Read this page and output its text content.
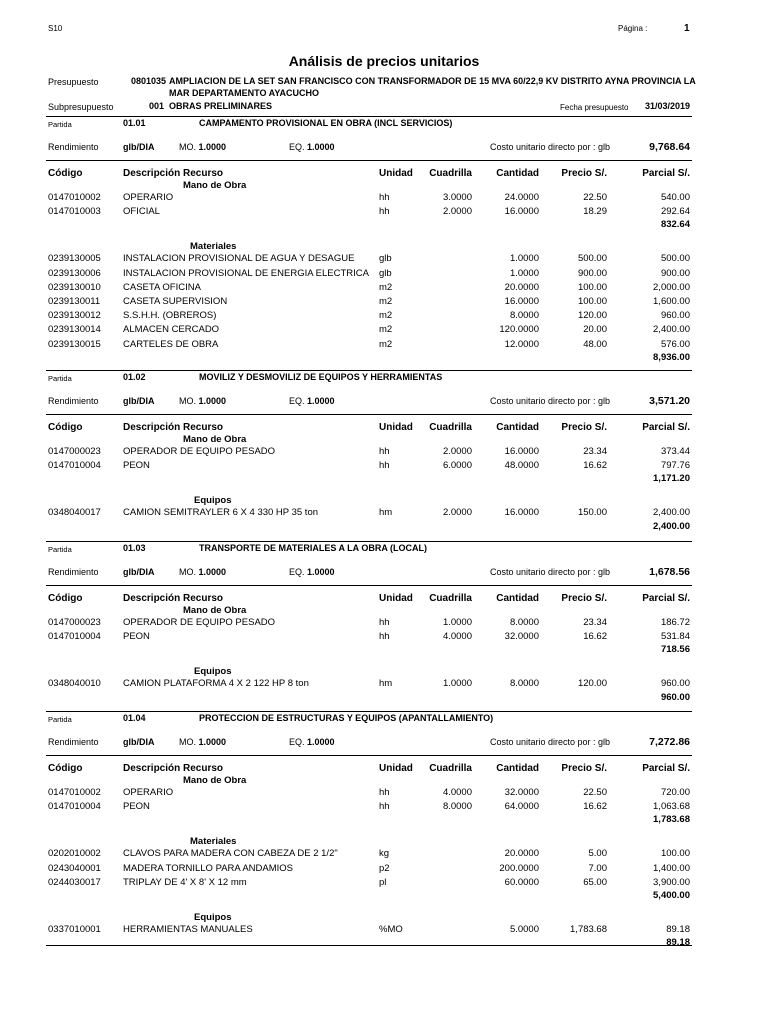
S10	Página :	1
Análisis de precios unitarios
Presupuesto	0801035 AMPLIACION DE LA SET SAN FRANCISCO CON TRANSFORMADOR DE 15 MVA 60/22,9 KV DISTRITO AYNA PROVINCIA LA
MAR DEPARTAMENTO AYACUCHO
Subpresupuesto	001 OBRAS PRELIMINARES	Fecha presupuesto 31/03/2019
Partida	01.01	CAMPAMENTO PROVISIONAL EN OBRA (INCL SERVICIOS)
Rendimiento	glb/DIA	MO. 1.0000	EQ. 1.0000	Costo unitario directo por : glb	9,768.64
Código	Descripción Recurso	Unidad Cuadrilla Cantidad Precio S/.	Parcial S/.
Mano de Obra
0147010002 OPERARIO	hh	3.0000	24.0000	22.50	540.00
0147010003 OFICIAL	hh	2.0000	16.0000	18.29	292.64
832.64
Materiales
0239130005 INSTALACION PROVISIONAL DE AGUA Y DESAGUE	glb	1.0000	500.00	500.00
0239130006 INSTALACION PROVISIONAL DE ENERGIA ELECTRICA glb	1.0000	900.00	900.00
0239130010 CASETA OFICINA	m2	20.0000	100.00	2,000.00
0239130011 CASETA SUPERVISION	m2	16.0000	100.00	1,600.00
0239130012 S.S.H.H. (OBREROS)	m2	8.0000	120.00	960.00
0239130014 ALMACEN CERCADO	m2	120.0000	20.00	2,400.00
0239130015 CARTELES DE OBRA	m2	12.0000	48.00	576.00
8,936.00
Partida	01.02	MOVILIZ Y DESMOVILIZ DE EQUIPOS Y HERRAMIENTAS
Rendimiento	glb/DIA	MO. 1.0000	EQ. 1.0000	Costo unitario directo por : glb	3,571.20
Código	Descripción Recurso	Unidad Cuadrilla Cantidad Precio S/.	Parcial S/.
Mano de Obra
0147000023 OPERADOR DE EQUIPO PESADO	hh	2.0000	16.0000	23.34	373.44
0147010004 PEON	hh	6.0000	48.0000	16.62	797.76
1,171.20
Equipos
0348040017 CAMION SEMITRAYLER 6 X 4 330 HP 35 ton	hm	2.0000	16.0000	150.00	2,400.00
2,400.00
Partida	01.03	TRANSPORTE DE MATERIALES A LA OBRA (LOCAL)
Rendimiento	glb/DIA	MO. 1.0000	EQ. 1.0000	Costo unitario directo por : glb	1,678.56
Código	Descripción Recurso	Unidad Cuadrilla Cantidad Precio S/.	Parcial S/.
Mano de Obra
0147000023 OPERADOR DE EQUIPO PESADO	hh	1.0000	8.0000	23.34	186.72
0147010004 PEON	hh	4.0000	32.0000	16.62	531.84
718.56
Equipos
0348040010 CAMION PLATAFORMA 4 X 2 122 HP 8 ton	hm	1.0000	8.0000	120.00	960.00
960.00
Partida	01.04	PROTECCION DE ESTRUCTURAS Y EQUIPOS (APANTALLAMIENTO)
Rendimiento	glb/DIA	MO. 1.0000	EQ. 1.0000	Costo unitario directo por : glb	7,272.86
Código	Descripción Recurso	Unidad Cuadrilla Cantidad Precio S/.	Parcial S/.
Mano de Obra
0147010002 OPERARIO	hh	4.0000	32.0000	22.50	720.00
0147010004 PEON	hh	8.0000	64.0000	16.62	1,063.68
1,783.68
Materiales
0202010002 CLAVOS PARA MADERA CON CABEZA DE 2 1/2"	kg	20.0000	5.00	100.00
0243040001 MADERA TORNILLO PARA ANDAMIOS	p2	200.0000	7.00	1,400.00
0244030017 TRIPLAY DE 4' X 8' X 12 mm	pl	60.0000	65.00	3,900.00
5,400.00
Equipos
0337010001 HERRAMIENTAS MANUALES	%MO	5.0000	1,783.68	89.18
89.18
